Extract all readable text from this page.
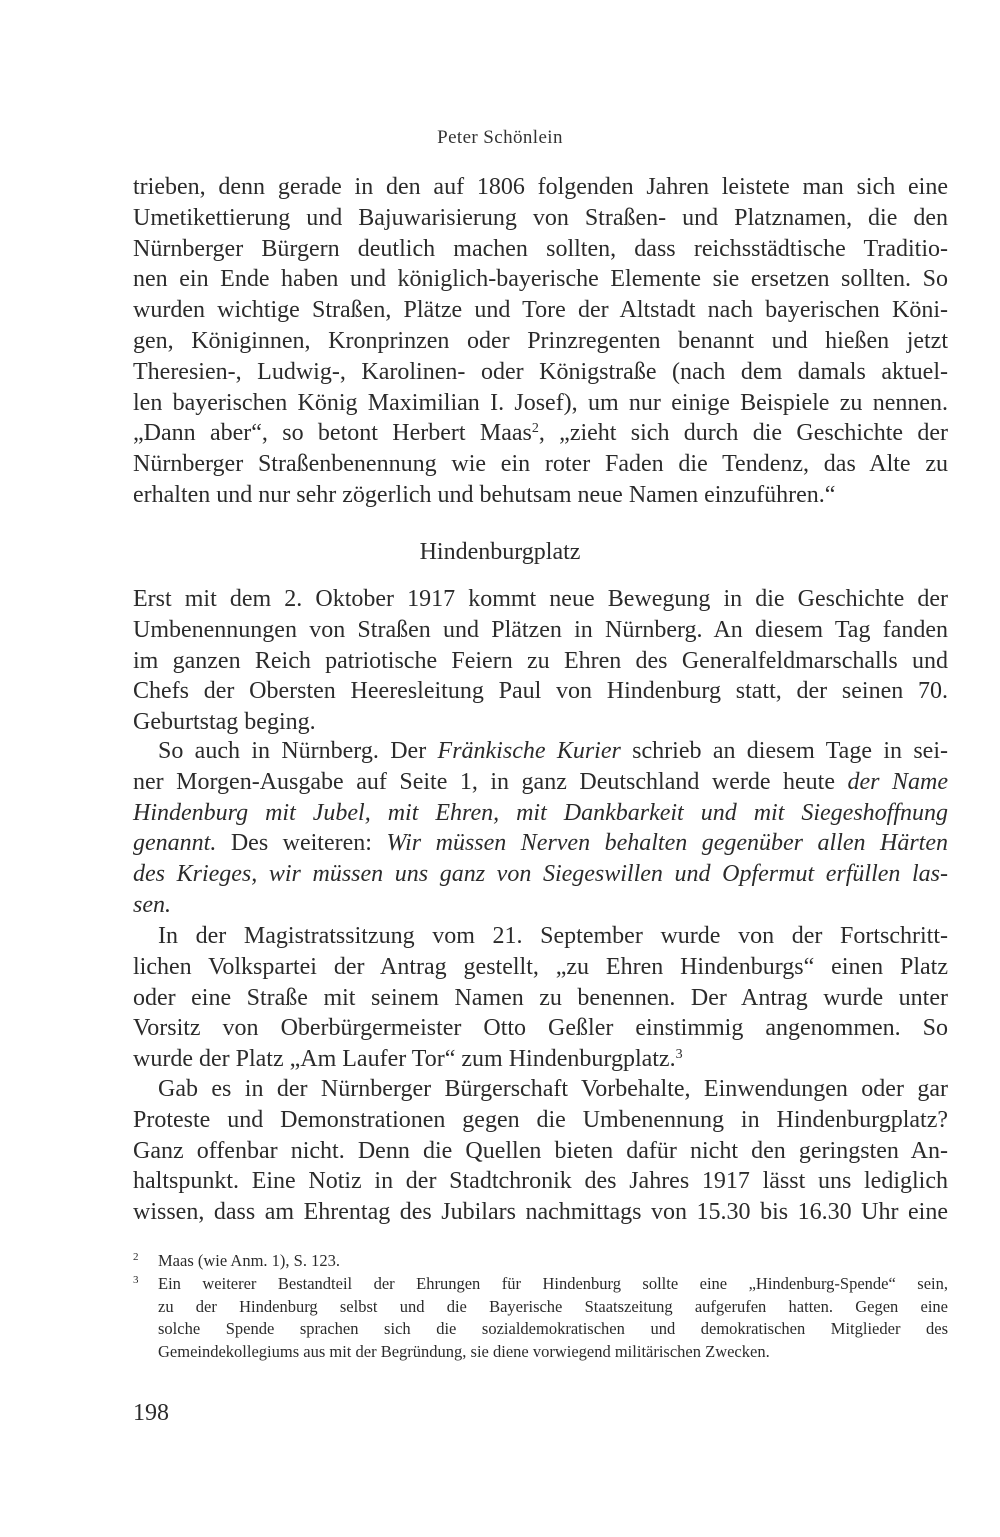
Peter Schönlein
trieben, denn gerade in den auf 1806 folgenden Jahren leistete man sich eine
Umetikettierung und Bajuwarisierung von Straßen- und Platznamen, die den
Nürnberger Bürgern deutlich machen sollten, dass reichsstädtische Traditio-
nen ein Ende haben und königlich-bayerische Elemente sie ersetzen sollten. So
wurden wichtige Straßen, Plätze und Tore der Altstadt nach bayerischen Köni-
gen, Königinnen, Kronprinzen oder Prinzregenten benannt und hießen jetzt
Theresien-, Ludwig-, Karolinen- oder Königstraße (nach dem damals aktuel-
len bayerischen König Maximilian I. Josef), um nur einige Beispiele zu nennen.
„Dann aber“, so betont Herbert Maas$^2$, „zieht sich durch die Geschichte der
Nürnberger Straßenbenennung wie ein roter Faden die Tendenz, das Alte zu
erhalten und nur sehr zögerlich und behutsam neue Namen einzuführen.“
Hindenburgplatz
Erst mit dem 2. Oktober 1917 kommt neue Bewegung in die Geschichte der
Umbenennungen von Straßen und Plätzen in Nürnberg. An diesem Tag fanden
im ganzen Reich patriotische Feiern zu Ehren des Generalfeldmarschalls und
Chefs der Obersten Heeresleitung Paul von Hindenburg statt, der seinen 70.
Geburtstag beging.
So auch in Nürnberg. Der Fränkische Kurier schrieb an diesem Tage in sei-
ner Morgen-Ausgabe auf Seite 1, in ganz Deutschland werde heute der Name
Hindenburg mit Jubel, mit Ehren, mit Dankbarkeit und mit Siegeshoffnung
genannt. Des weiteren: Wir müssen Nerven behalten gegenüber allen Härten
des Krieges, wir müssen uns ganz von Siegeswillen und Opfermut erfüllen las-
sen.
In der Magistratssitzung vom 21. September wurde von der Fortschritt-
lichen Volkspartei der Antrag gestellt, „zu Ehren Hindenburgs“ einen Platz
oder eine Straße mit seinem Namen zu benennen. Der Antrag wurde unter
Vorsitz von Oberbürgermeister Otto Geßler einstimmig angenommen. So
wurde der Platz „Am Laufer Tor“ zum Hindenburgplatz.$^3$
Gab es in der Nürnberger Bürgerschaft Vorbehalte, Einwendungen oder gar
Proteste und Demonstrationen gegen die Umbenennung in Hindenburgplatz?
Ganz offenbar nicht. Denn die Quellen bieten dafür nicht den geringsten An-
haltspunkt. Eine Notiz in der Stadtchronik des Jahres 1917 lässt uns lediglich
wissen, dass am Ehrentag des Jubilars nachmittags von 15.30 bis 16.30 Uhr eine
2 Maas (wie Anm. 1), S. 123.
3 Ein weiterer Bestandteil der Ehrungen für Hindenburg sollte eine „Hindenburg-Spende“ sein,
zu der Hindenburg selbst und die Bayerische Staatszeitung aufgerufen hatten. Gegen eine
solche Spende sprachen sich die sozialdemokratischen und demokratischen Mitglieder des
Gemeindekollegiums aus mit der Begründung, sie diene vorwiegend militärischen Zwecken.
198
